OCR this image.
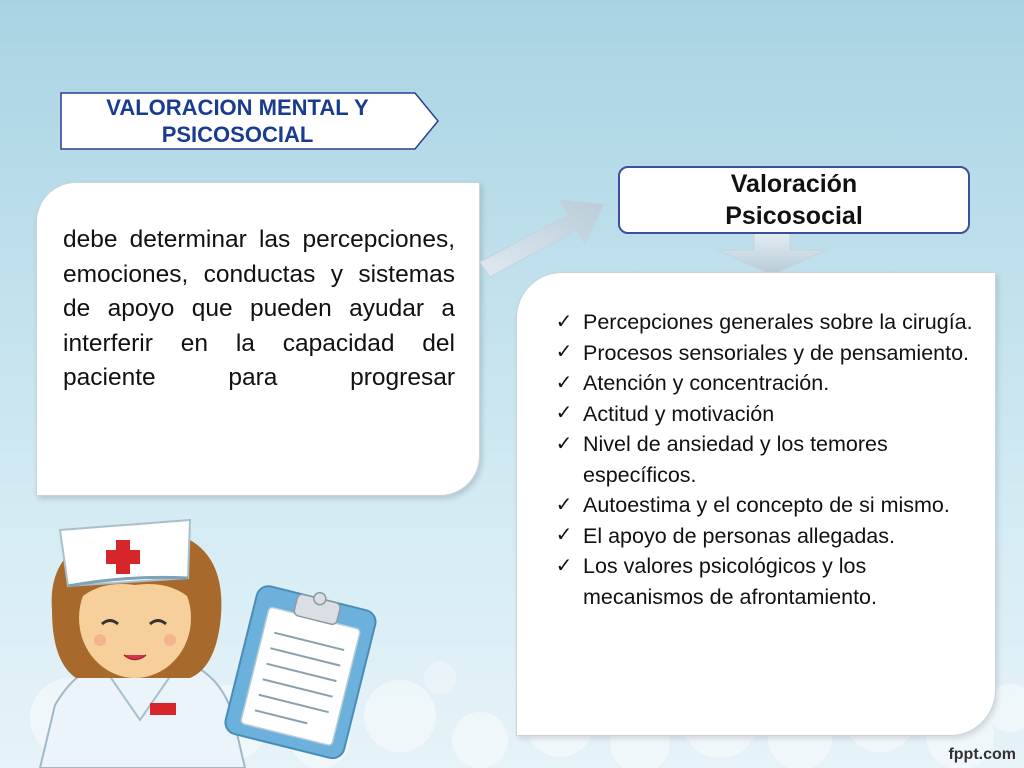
VALORACION MENTAL Y
PSICOSOCIAL
debe determinar las percepciones, emociones, conductas y sistemas de apoyo que pueden ayudar a interferir en la capacidad del paciente para progresar
Valoración
Psicosocial
✓ Percepciones generales sobre la cirugía.
✓ Procesos sensoriales y de pensamiento.
✓ Atención y concentración.
✓ Actitud y motivación
✓ Nivel de ansiedad y los temores específicos.
✓ Autoestima y el concepto de si mismo.
✓ El apoyo de personas allegadas.
✓ Los valores psicológicos y los mecanismos de afrontamiento.
fppt.com
